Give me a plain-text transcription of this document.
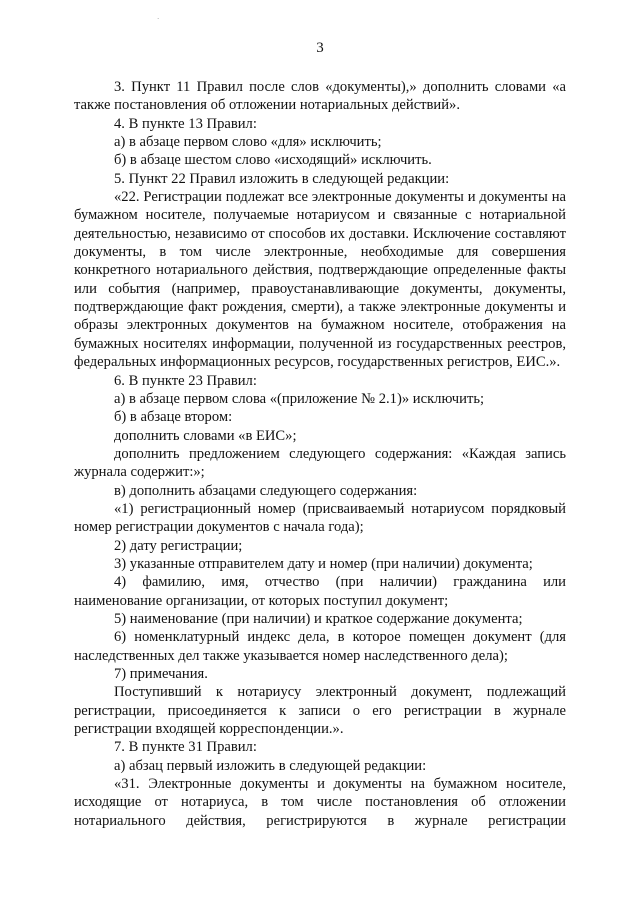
´
3

3. Пункт 11 Правил после слов «документы),» дополнить словами «а также постановления об отложении нотариальных действий».

4. В пункте 13 Правил:

а) в абзаце первом слово «для» исключить;

б) в абзаце шестом слово «исходящий» исключить.

5. Пункт 22 Правил изложить в следующей редакции:

«22. Регистрации подлежат все электронные документы и документы на бумажном носителе, получаемые нотариусом и связанные с нотариальной деятельностью, независимо от способов их доставки. Исключение составляют документы, в том числе электронные, необходимые для совершения конкретного нотариального действия, подтверждающие определенные факты или события (например, правоустанавливающие документы, документы, подтверждающие факт рождения, смерти), а также электронные документы и образы электронных документов на бумажном носителе, отображения на бумажных носителях информации, полученной из государственных реестров, федеральных информационных ресурсов, государственных регистров, ЕИС.».

6. В пункте 23 Правил:

а) в абзаце первом слова «(приложение № 2.1)» исключить;

б) в абзаце втором:

дополнить словами «в ЕИС»;

дополнить предложением следующего содержания: «Каждая запись журнала содержит:»;

в) дополнить абзацами следующего содержания:

«1) регистрационный номер (присваиваемый нотариусом порядковый номер регистрации документов с начала года);

2) дату регистрации;

3) указанные отправителем дату и номер (при наличии) документа;

4) фамилию, имя, отчество (при наличии) гражданина или наименование организации, от которых поступил документ;

5) наименование (при наличии) и краткое содержание документа;

6) номенклатурный индекс дела, в которое помещен документ (для наследственных дел также указывается номер наследственного дела);

7) примечания.

Поступивший к нотариусу электронный документ, подлежащий регистрации, присоединяется к записи о его регистрации в журнале регистрации входящей корреспонденции.».

7. В пункте 31 Правил:

а) абзац первый изложить в следующей редакции:

«31. Электронные документы и документы на бумажном носителе, исходящие от нотариуса, в том числе постановления об отложении нотариального действия, регистрируются в журнале регистрации
